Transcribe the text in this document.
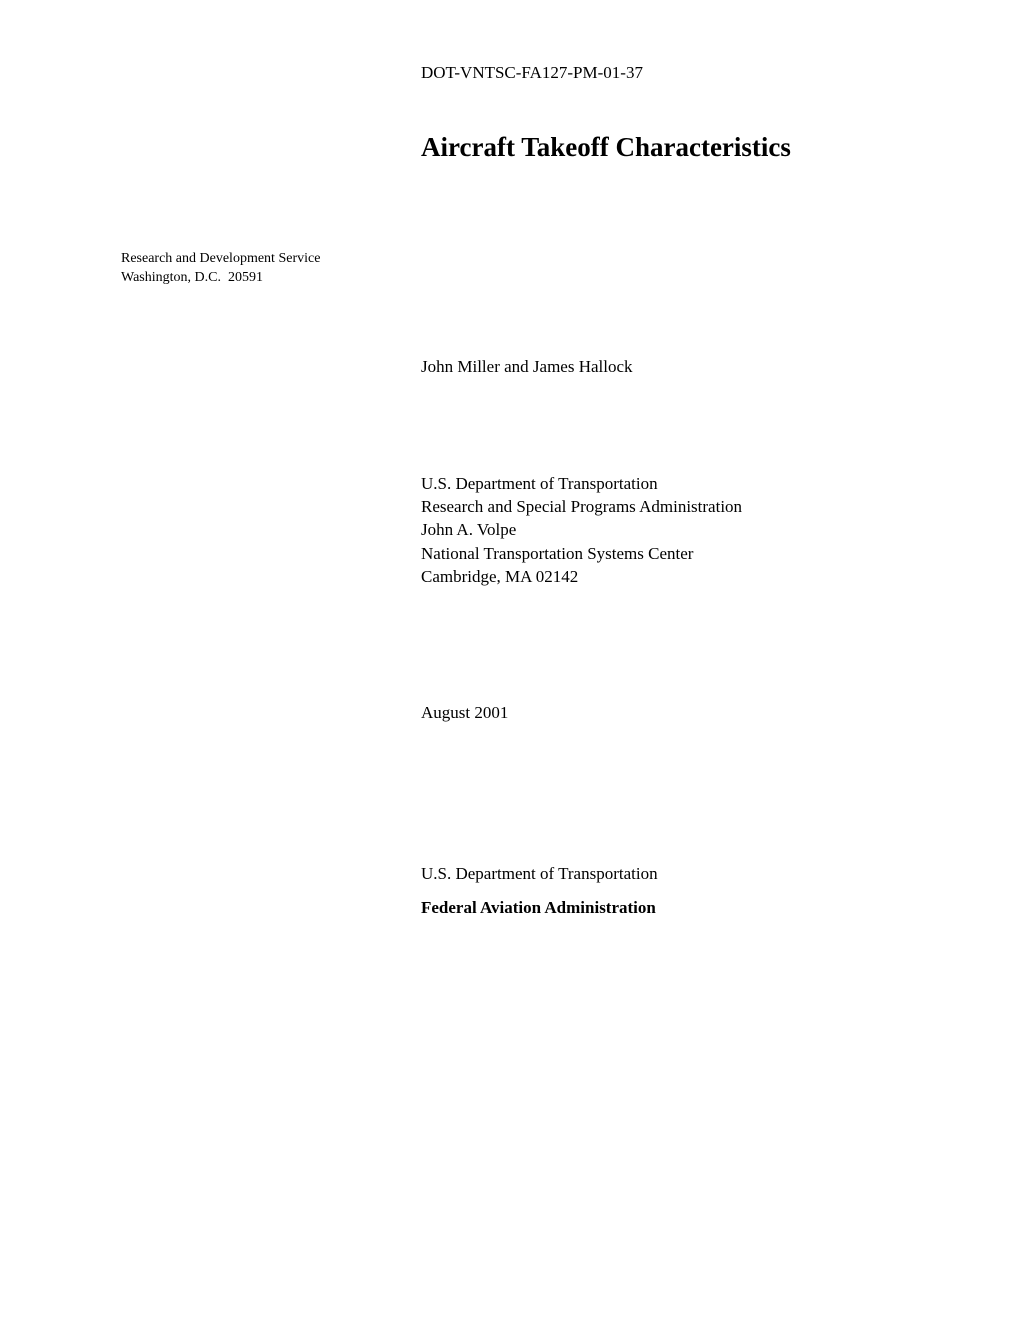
DOT-VNTSC-FA127-PM-01-37
Aircraft Takeoff Characteristics
Research and Development Service
Washington, D.C.  20591
John Miller and James Hallock
U.S. Department of Transportation
Research and Special Programs Administration
John A. Volpe
National Transportation Systems Center
Cambridge, MA 02142
August 2001
U.S. Department of Transportation
Federal Aviation Administration
